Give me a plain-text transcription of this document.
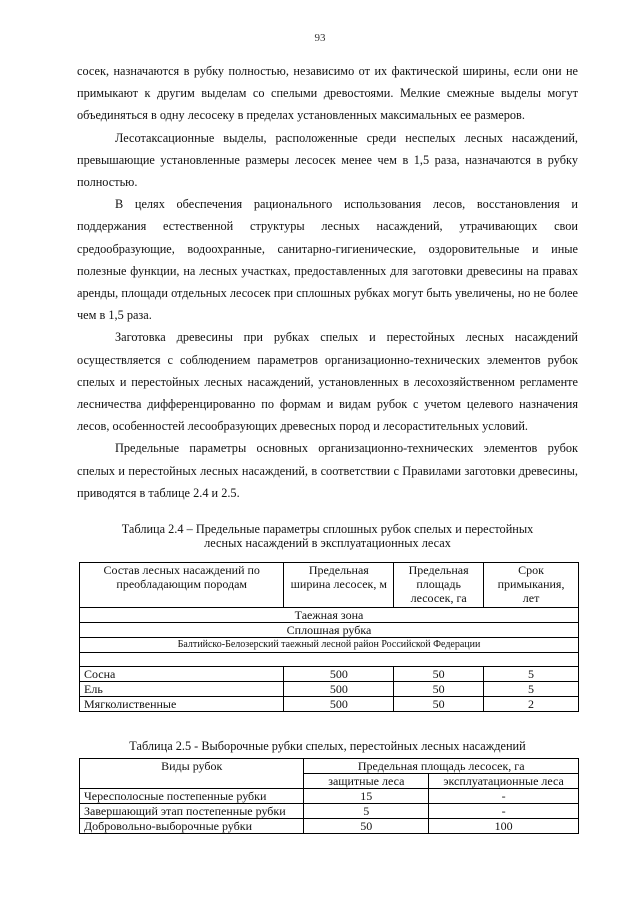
93

сосек, назначаются в рубку полностью, независимо от их фактической ширины, если они не примыкают к другим выделам со спелыми древостоями. Мелкие смежные выделы могут объединяться в одну лесосеку в пределах установленных максимальных ее размеров.

Лесотаксационные выделы, расположенные среди неспелых лесных насаждений, превышающие установленные размеры лесосек менее чем в 1,5 раза, назначаются в рубку полностью.

В целях обеспечения рационального использования лесов, восстановления и поддержания естественной структуры лесных насаждений, утрачивающих свои средообразующие, водоохранные, санитарно-гигиенические, оздоровительные и иные полезные функции, на лесных участках, предоставленных для заготовки древесины на правах аренды, площади отдельных лесосек при сплошных рубках могут быть увеличены, но не более чем в 1,5 раза.

Заготовка древесины при рубках спелых и перестойных лесных насаждений осуществляется с соблюдением параметров организационно-технических элементов рубок спелых и перестойных лесных насаждений, установленных в лесохозяйственном регламенте лесничества дифференцированно по формам и видам рубок с учетом целевого назначения лесов, особенностей лесообразующих древесных пород и лесорастительных условий.

Предельные параметры основных организационно-технических элементов рубок спелых и перестойных лесных насаждений, в соответствии с Правилами заготовки древесины, приводятся в таблице 2.4 и 2.5.

Таблица 2.4 – Предельные параметры сплошных рубок спелых и перестойных
лесных насаждений в эксплуатационных лесах
Состав лесных насаждений по преобладающим породам	Предельная ширина лесосек, м	Предельная площадь лесосек, га	Срок примыкания, лет
Таежная зона			
Сплошная рубка			
Балтийско-Белозерский таежный лесной район Российской Федерации			

Сосна	500	50	5
Ель	500	50	5
Мягколиственные	500	50	2
Таблица 2.5 - Выборочные рубки спелых, перестойных лесных насаждений
Виды рубок	Предельная площадь лесосек, га	
	защитные леса	эксплуатационные леса
Чересполосные постепенные рубки	15	-
Завершающий этап постепенные рубки	5	-
Добровольно-выборочные рубки	50	100
